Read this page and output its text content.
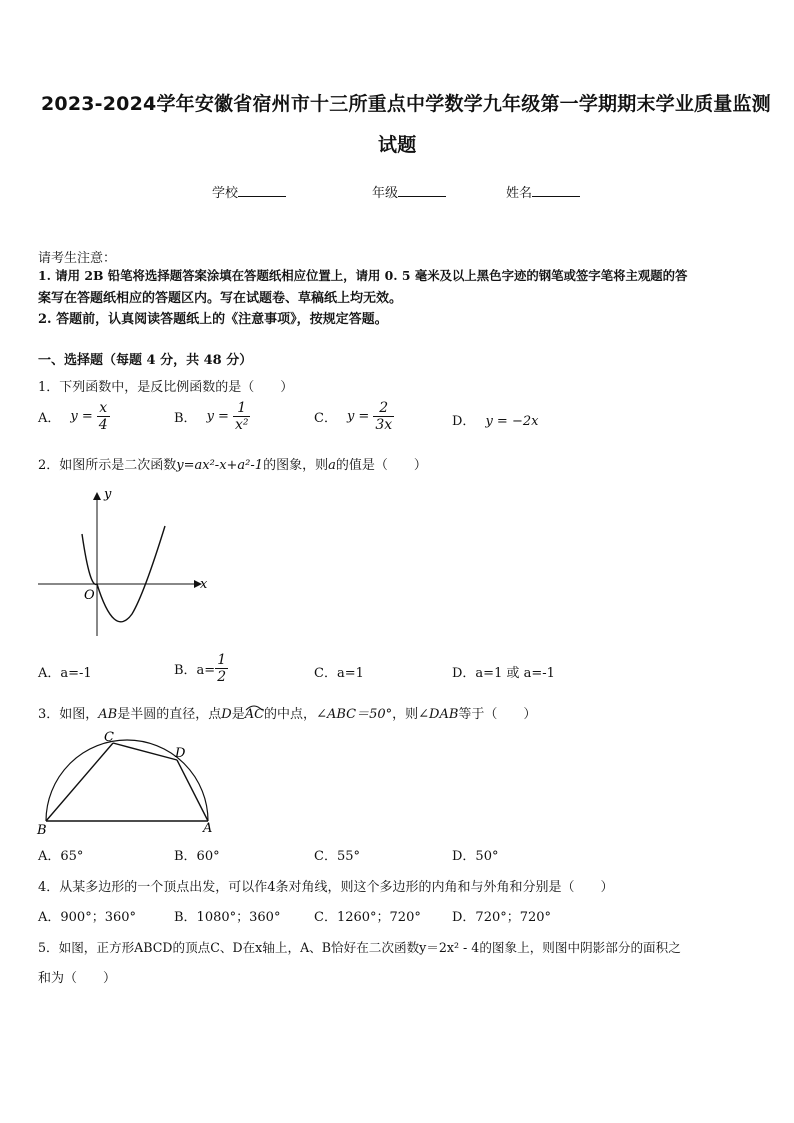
2023-2024学年安徽省宿州市十三所重点中学数学九年级第一学期期末学业质量监测
试题
学校	年级	姓名
请考生注意：
1. 请用 2B 铅笔将选择题答案涂填在答题纸相应位置上，请用 0. 5 毫米及以上黑色字迹的钢笔或签字笔将主观题的答
案写在答题纸相应的答题区内。写在试题卷、草稿纸上均无效。
2. 答题前，认真阅读答题纸上的《注意事项》，按规定答题。
一、选择题（每题 4 分，共 48 分）
1．下列函数中，是反比例函数的是（　　）
A． $y = \frac{x}{4}$	B． $y = \frac{1}{\text{x²}}$	C． $y = \frac{2}{3x}$	D． y = −2x
2．如图所示是二次函数y=ax²-x+a²-1的图象，则a的值是（　　）
y
x
O
A．a=-1	B．$a= \frac{1}{2}$	C．a=1	D．a=1 或 a=-1
3．如图，AB是半圆的直径，点D是
AC的中点，∠ABC＝50°，则∠DAB等于（　　）
B	A
C
D
A．65°	B．60°	C．55°	D．50°
4．从某多边形的一个顶点出发，可以作4条对角线，则这个多边形的内角和与外角和分别是（　　）
A．900°；360°	B．1080°；360°	C．1260°；720° D．720°；720°
5．如图，正方形ABCD的顶点C、D在x轴上，A、B恰好在二次函数y＝2x² - 4的图象上，则图中阴影部分的面积之
和为（　　）
